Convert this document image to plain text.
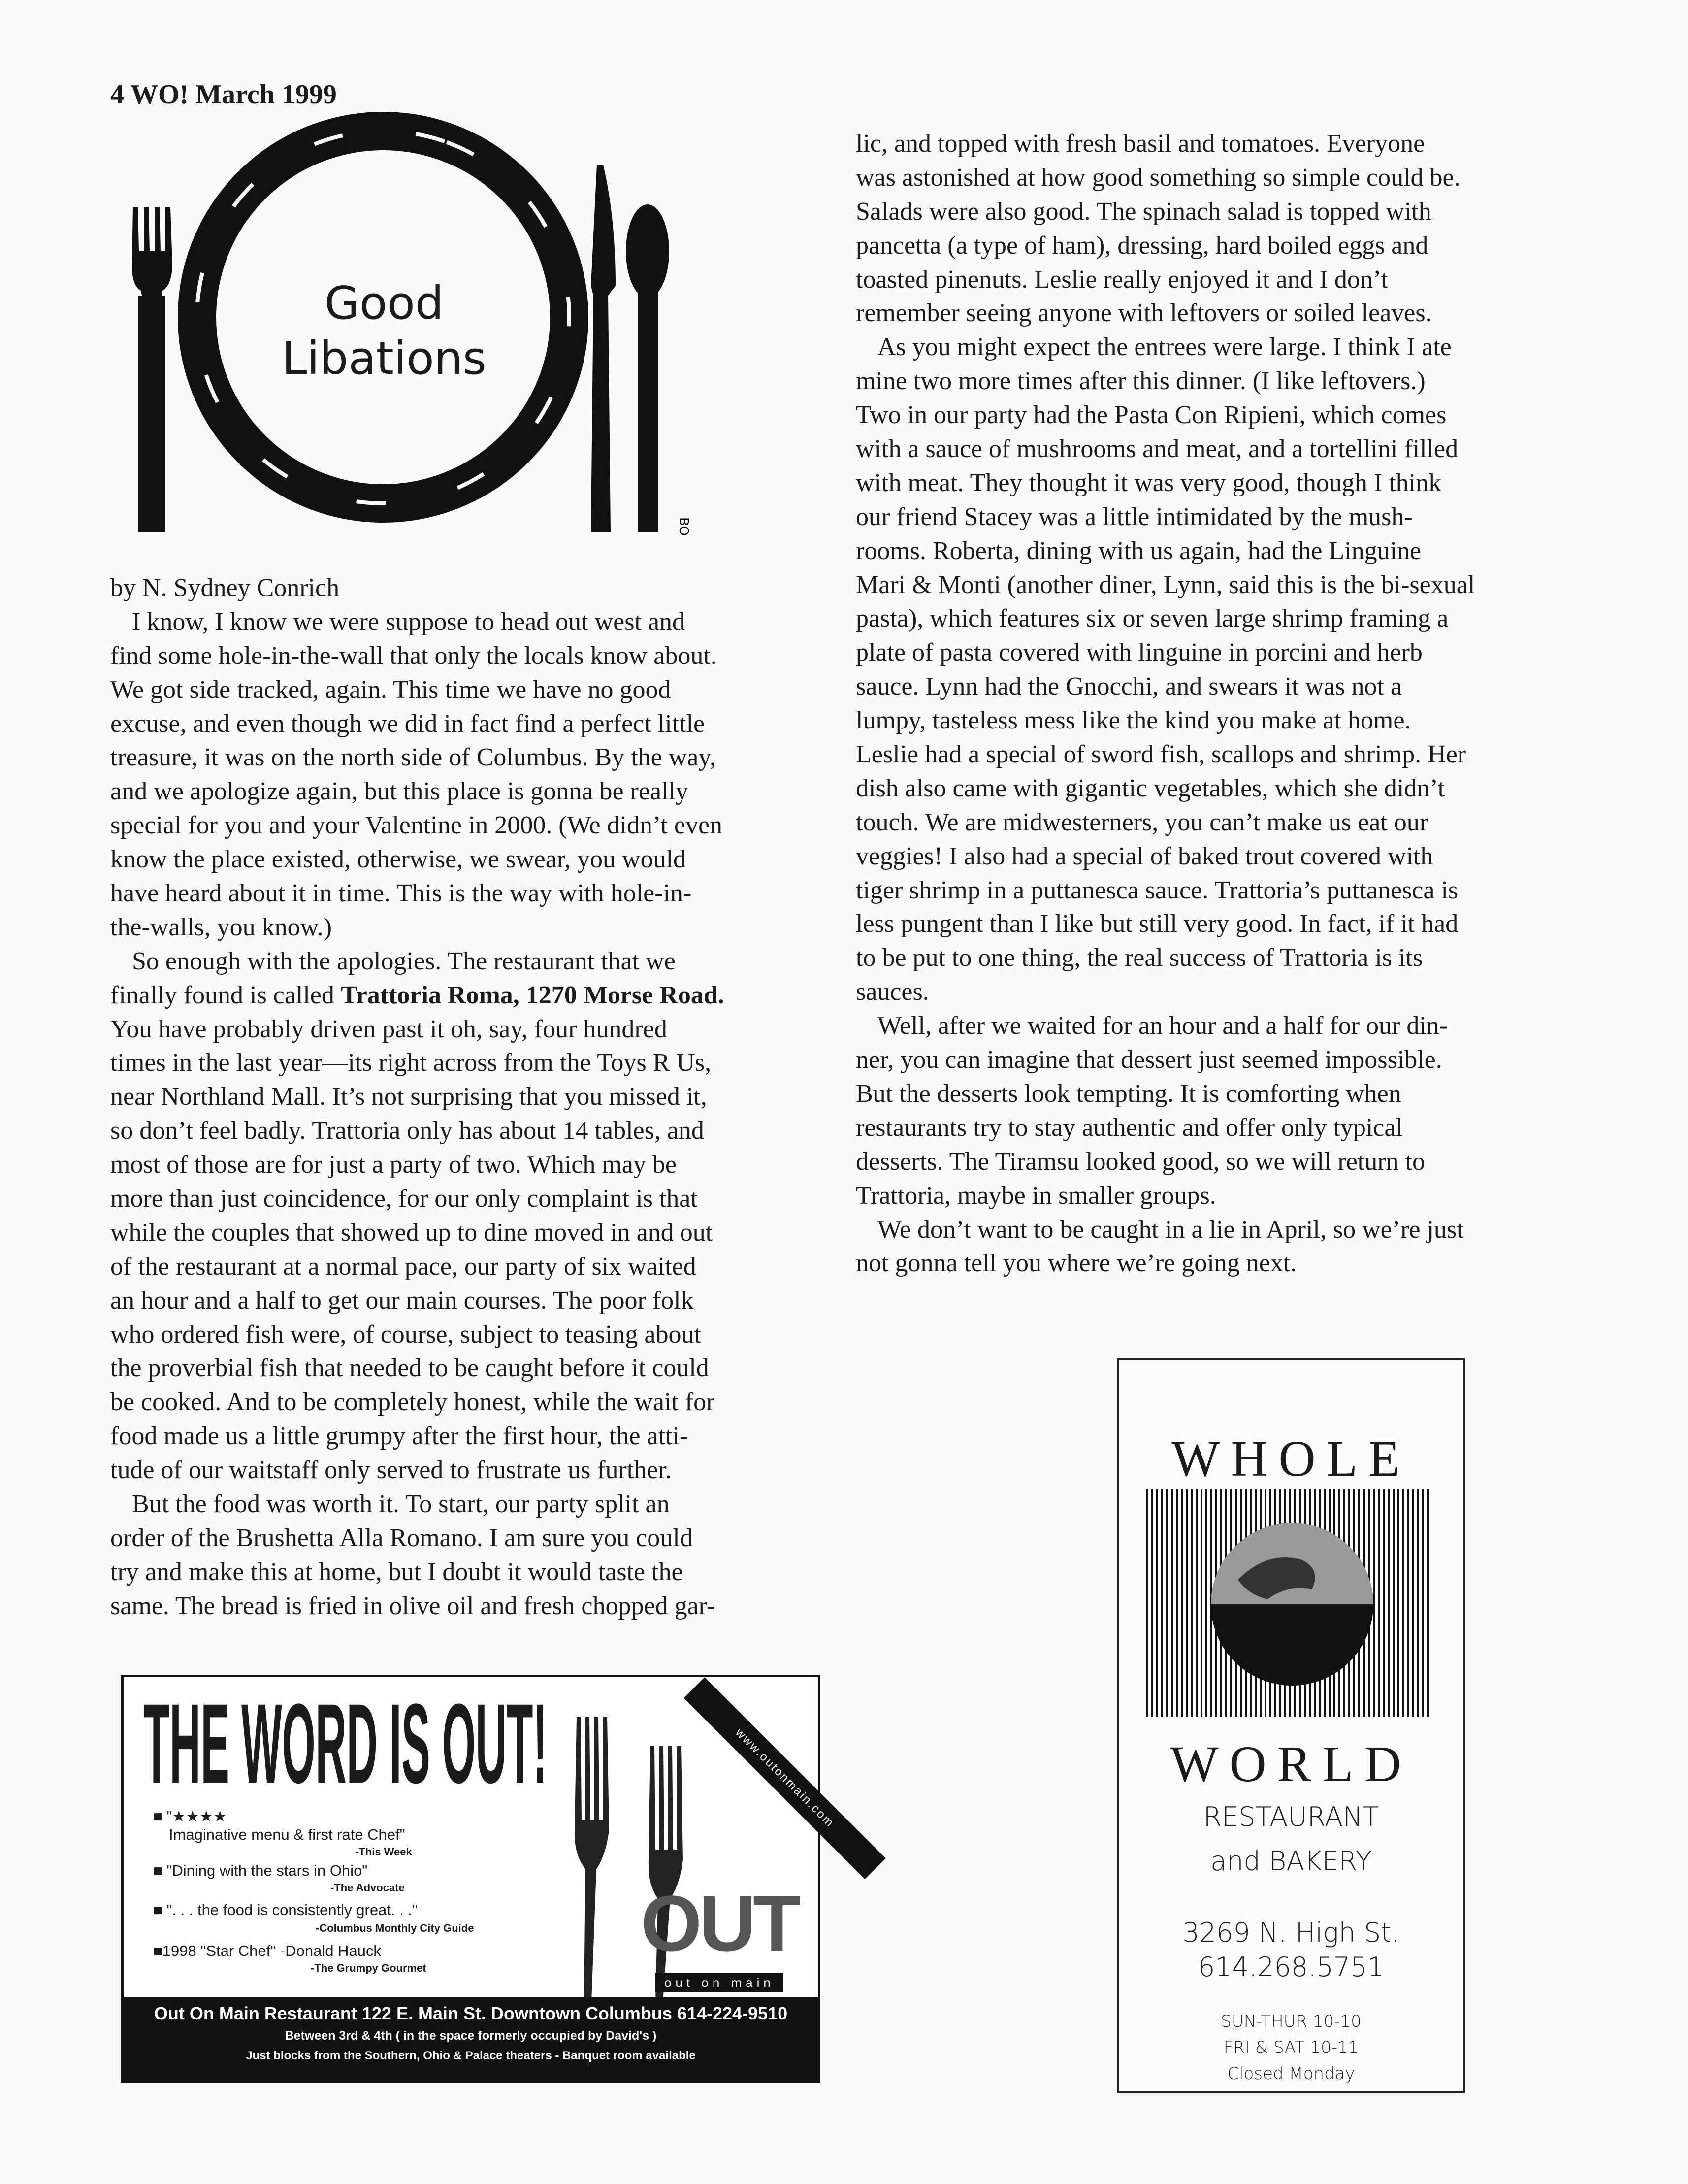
4 WO! March 1999
BO
Good
Libations
by N. Sydney Conrich
I know, I know we were suppose to head out west and
find some hole-in-the-wall that only the locals know about.
We got side tracked, again. This time we have no good
excuse, and even though we did in fact find a perfect little
treasure, it was on the north side of Columbus. By the way,
and we apologize again, but this place is gonna be really
special for you and your Valentine in 2000. (We didn’t even
know the place existed, otherwise, we swear, you would
have heard about it in time. This is the way with hole-in-
the-walls, you know.)
So enough with the apologies. The restaurant that we
finally found is called Trattoria Roma, 1270 Morse Road.
You have probably driven past it oh, say, four hundred
times in the last year—its right across from the Toys R Us,
near Northland Mall. It’s not surprising that you missed it,
so don’t feel badly. Trattoria only has about 14 tables, and
most of those are for just a party of two. Which may be
more than just coincidence, for our only complaint is that
while the couples that showed up to dine moved in and out
of the restaurant at a normal pace, our party of six waited
an hour and a half to get our main courses. The poor folk
who ordered fish were, of course, subject to teasing about
the proverbial fish that needed to be caught before it could
be cooked. And to be completely honest, while the wait for
food made us a little grumpy after the first hour, the atti-
tude of our waitstaff only served to frustrate us further.
But the food was worth it. To start, our party split an
order of the Brushetta Alla Romano. I am sure you could
try and make this at home, but I doubt it would taste the
same. The bread is fried in olive oil and fresh chopped gar-
lic, and topped with fresh basil and tomatoes. Everyone
was astonished at how good something so simple could be.
Salads were also good. The spinach salad is topped with
pancetta (a type of ham), dressing, hard boiled eggs and
toasted pinenuts. Leslie really enjoyed it and I don’t
remember seeing anyone with leftovers or soiled leaves.
As you might expect the entrees were large. I think I ate
mine two more times after this dinner. (I like leftovers.)
Two in our party had the Pasta Con Ripieni, which comes
with a sauce of mushrooms and meat, and a tortellini filled
with meat. They thought it was very good, though I think
our friend Stacey was a little intimidated by the mush-
rooms. Roberta, dining with us again, had the Linguine
Mari & Monti (another diner, Lynn, said this is the bi-sexual
pasta), which features six or seven large shrimp framing a
plate of pasta covered with linguine in porcini and herb
sauce. Lynn had the Gnocchi, and swears it was not a
lumpy, tasteless mess like the kind you make at home.
Leslie had a special of sword fish, scallops and shrimp. Her
dish also came with gigantic vegetables, which she didn’t
touch. We are midwesterners, you can’t make us eat our
veggies! I also had a special of baked trout covered with
tiger shrimp in a puttanesca sauce. Trattoria’s puttanesca is
less pungent than I like but still very good. In fact, if it had
to be put to one thing, the real success of Trattoria is its
sauces.
Well, after we waited for an hour and a half for our din-
ner, you can imagine that dessert just seemed impossible.
But the desserts look tempting. It is comforting when
restaurants try to stay authentic and offer only typical
desserts. The Tiramsu looked good, so we will return to
Trattoria, maybe in smaller groups.
We don’t want to be caught in a lie in April, so we’re just
not gonna tell you where we’re going next.
THE WORD IS OUT!	www.outonmain.com
■ "★★★★
Imaginative menu & first rate Chef"
-This Week
■ "Dining with the stars in Ohio"
-The Advocate
■ ". . . the food is consistently great. . ."
-Columbus Monthly City Guide
■1998 "Star Chef" -Donald Hauck
-The Grumpy Gourmet
OUT
out on main
Out On Main Restaurant 122 E. Main St. Downtown Columbus 614-224-9510
Between 3rd & 4th ( in the space formerly occupied by David's )
Just blocks from the Southern, Ohio & Palace theaters - Banquet room available
WHOLE
WORLD
RESTAURANT
and BAKERY
3269 N. High St.
614.268.5751
SUN-THUR 10-10
FRI & SAT 10-11
Closed Monday
